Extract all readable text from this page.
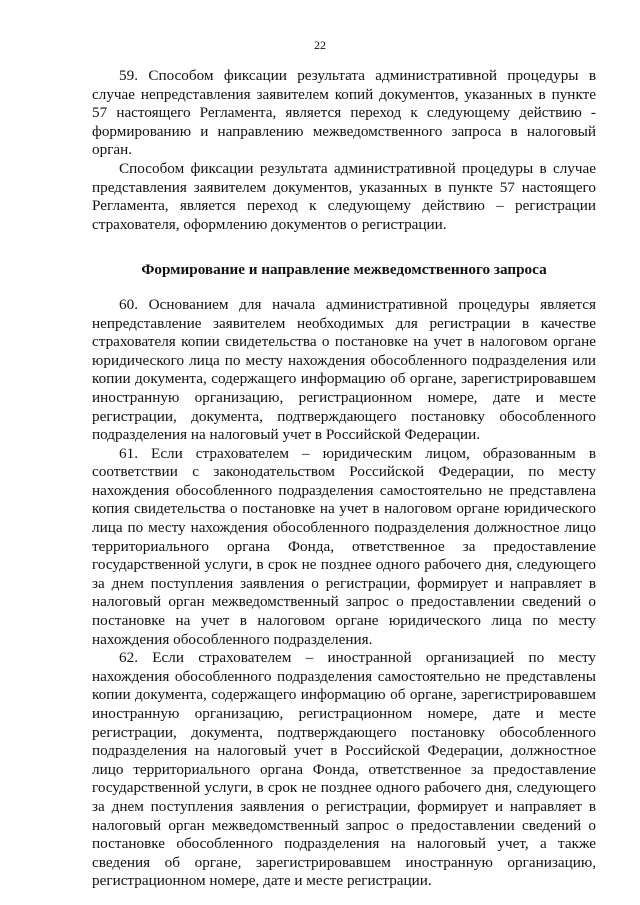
22

59. Способом фиксации результата административной процедуры в случае непредставления заявителем копий документов, указанных в пункте 57 настоящего Регламента, является переход к следующему действию - формированию и направлению межведомственного запроса в налоговый орган.

Способом фиксации результата административной процедуры в случае представления заявителем документов, указанных в пункте 57 настоящего Регламента, является переход к следующему действию – регистрации страхователя, оформлению документов о регистрации.

Формирование и направление межведомственного запроса

60. Основанием для начала административной процедуры является непредставление заявителем необходимых для регистрации в качестве страхователя копии свидетельства о постановке на учет в налоговом органе юридического лица по месту нахождения обособленного подразделения или копии документа, содержащего информацию об органе, зарегистрировавшем иностранную организацию, регистрационном номере, дате и месте регистрации, документа, подтверждающего постановку обособленного подразделения на налоговый учет в Российской Федерации.

61. Если страхователем – юридическим лицом, образованным в соответствии с законодательством Российской Федерации, по месту нахождения обособленного подразделения самостоятельно не представлена копия свидетельства о постановке на учет в налоговом органе юридического лица по месту нахождения обособленного подразделения должностное лицо территориального органа Фонда, ответственное за предоставление государственной услуги, в срок не позднее одного рабочего дня, следующего за днем поступления заявления о регистрации, формирует и направляет в налоговый орган межведомственный запрос о предоставлении сведений о постановке на учет в налоговом органе юридического лица по месту нахождения обособленного подразделения.

62. Если страхователем – иностранной организацией по месту нахождения обособленного подразделения самостоятельно не представлены копии документа, содержащего информацию об органе, зарегистрировавшем иностранную организацию, регистрационном номере, дате и месте регистрации, документа, подтверждающего постановку обособленного подразделения на налоговый учет в Российской Федерации, должностное лицо территориального органа Фонда, ответственное за предоставление государственной услуги, в срок не позднее одного рабочего дня, следующего за днем поступления заявления о регистрации, формирует и направляет в налоговый орган межведомственный запрос о предоставлении сведений о постановке обособленного подразделения на налоговый учет, а также сведения об органе, зарегистрировавшем иностранную организацию, регистрационном номере, дате и месте регистрации.
